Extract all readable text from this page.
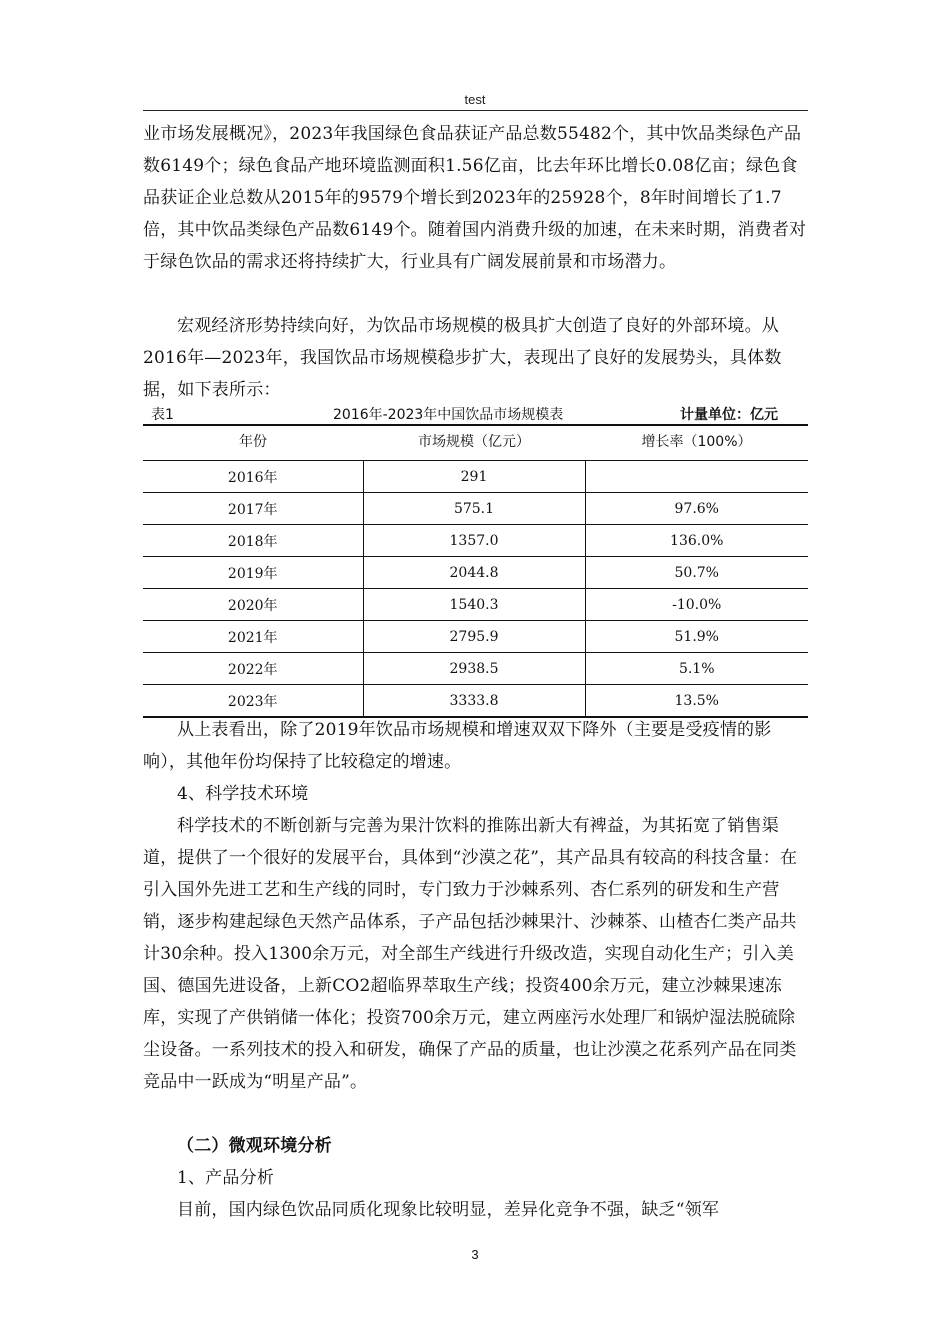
test

业市场发展概况》，2023年我国绿色食品获证产品总数55482个，其中饮品类绿色产品数6149个；绿色食品产地环境监测面积1.56亿亩，比去年环比增长0.08亿亩；绿色食品获证企业总数从2015年的9579个增长到2023年的25928个，8年时间增长了1.7倍，其中饮品类绿色产品数6149个。随着国内消费升级的加速，在未来时期，消费者对于绿色饮品的需求还将持续扩大，行业具有广阔发展前景和市场潜力。

宏观经济形势持续向好，为饮品市场规模的极具扩大创造了良好的外部环境。从2016年—2023年，我国饮品市场规模稳步扩大，表现出了良好的发展势头，具体数据，如下表所示：

表1	2016年-2023年中国饮品市场规模表	计量单位：亿元
年份	市场规模（亿元）	增长率（100%）
2016年	291	
2017年	575.1	97.6%
2018年	1357.0	136.0%
2019年	2044.8	50.7%
2020年	1540.3	-10.0%
2021年	2795.9	51.9%
2022年	2938.5	5.1%
2023年	3333.8	13.5%

从上表看出，除了2019年饮品市场规模和增速双双下降外（主要是受疫情的影响），其他年份均保持了比较稳定的增速。

4、科学技术环境

科学技术的不断创新与完善为果汁饮料的推陈出新大有裨益，为其拓宽了销售渠道，提供了一个很好的发展平台，具体到“沙漠之花”，其产品具有较高的科技含量：在引入国外先进工艺和生产线的同时，专门致力于沙棘系列、杏仁系列的研发和生产营销，逐步构建起绿色天然产品体系，子产品包括沙棘果汁、沙棘茶、山楂杏仁类产品共计30余种。投入1300余万元，对全部生产线进行升级改造，实现自动化生产；引入美国、德国先进设备，上新CO2超临界萃取生产线；投资400余万元，建立沙棘果速冻库，实现了产供销储一体化；投资700余万元，建立两座污水处理厂和锅炉湿法脱硫除尘设备。一系列技术的投入和研发，确保了产品的质量，也让沙漠之花系列产品在同类竞品中一跃成为“明星产品”。

（二）微观环境分析

1、产品分析

目前，国内绿色饮品同质化现象比较明显，差异化竞争不强，缺乏“领军

3
